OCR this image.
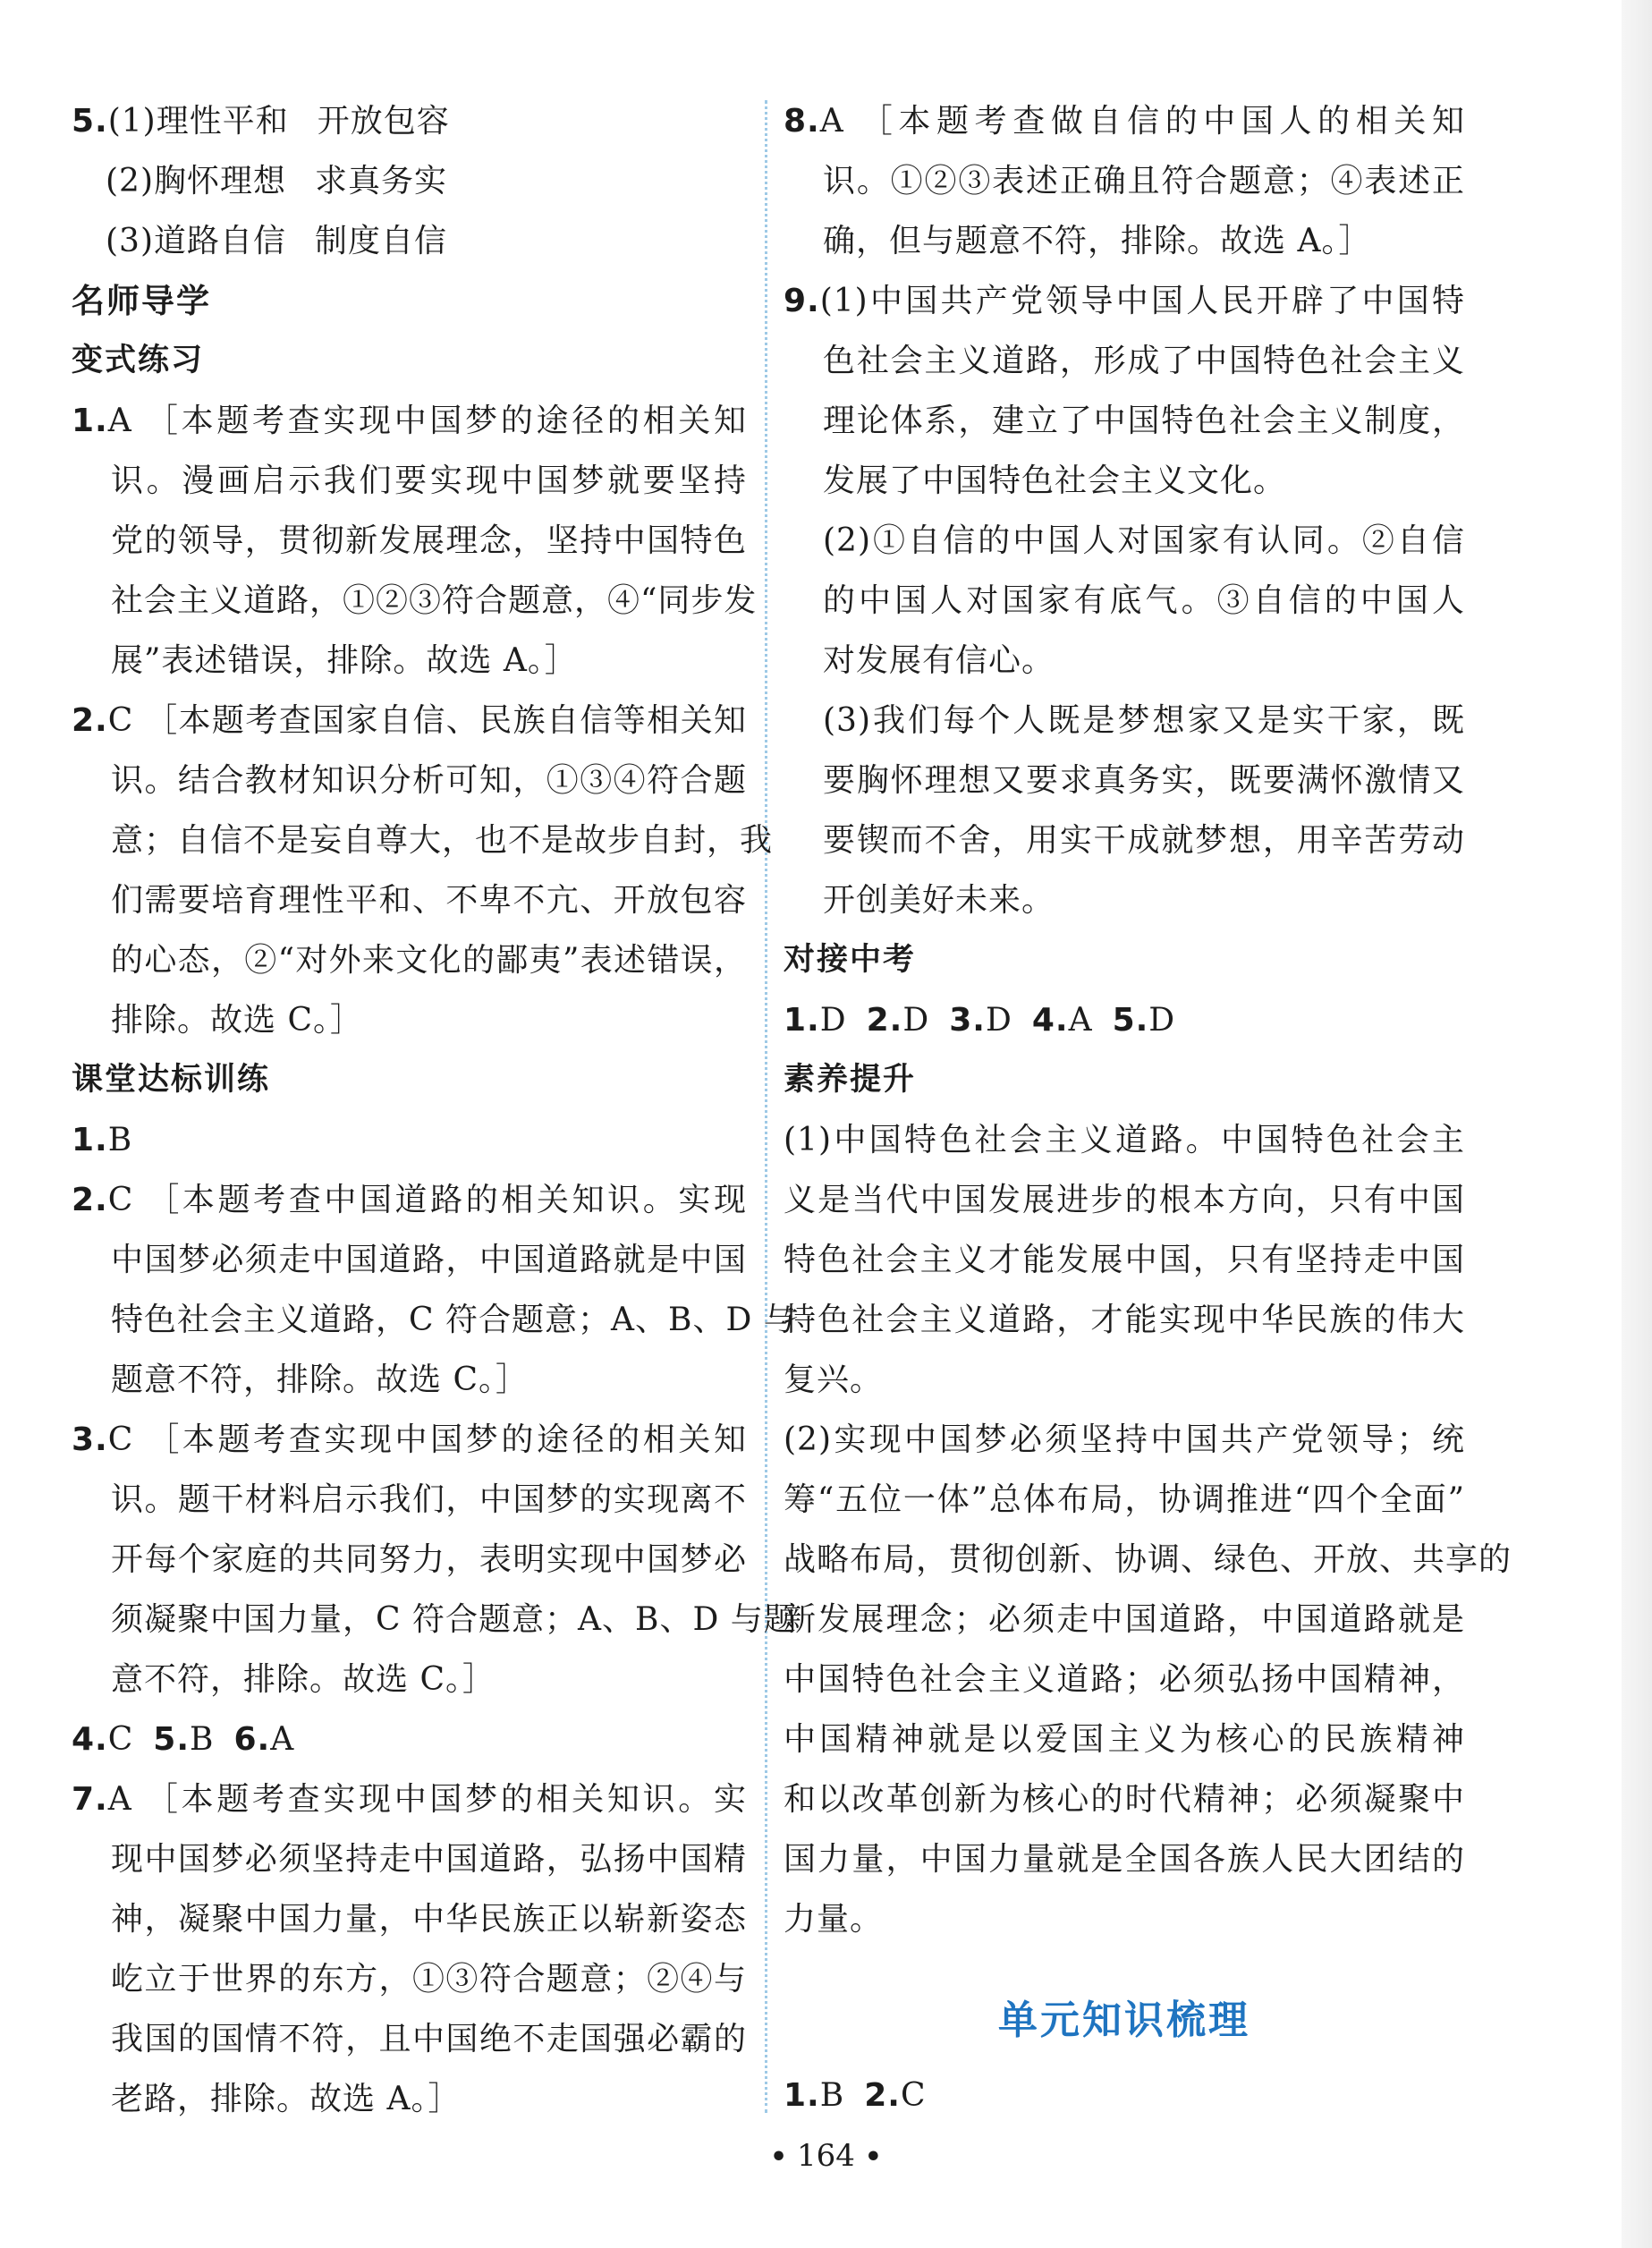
5.(1)理性平和 开放包容
(2)胸怀理想 求真务实
(3)道路自信 制度自信
名师导学
变式练习
1.A ［本题考查实现中国梦的途径的相关知
识。漫画启示我们要实现中国梦就要坚持
党的领导，贯彻新发展理念，坚持中国特色
社会主义道路，①②③符合题意，④“同步发
展”表述错误，排除。故选 A。］
2.C ［本题考查国家自信、民族自信等相关知
识。结合教材知识分析可知，①③④符合题
意；自信不是妄自尊大，也不是故步自封，我
们需要培育理性平和、不卑不亢、开放包容
的心态，②“对外来文化的鄙夷”表述错误，
排除。故选 C。］
课堂达标训练
1.B
2.C ［本题考查中国道路的相关知识。实现
中国梦必须走中国道路，中国道路就是中国
特色社会主义道路，C 符合题意；A、B、D 与
题意不符，排除。故选 C。］
3.C ［本题考查实现中国梦的途径的相关知
识。题干材料启示我们，中国梦的实现离不
开每个家庭的共同努力，表明实现中国梦必
须凝聚中国力量，C 符合题意；A、B、D 与题
意不符，排除。故选 C。］
4.C 5.B 6.A
7.A ［本题考查实现中国梦的相关知识。实
现中国梦必须坚持走中国道路，弘扬中国精
神，凝聚中国力量，中华民族正以崭新姿态
屹立于世界的东方，①③符合题意；②④与
我国的国情不符，且中国绝不走国强必霸的
老路，排除。故选 A。］
8.A ［本题考查做自信的中国人的相关知
识。①②③表述正确且符合题意；④表述正
确，但与题意不符，排除。故选 A。］
9.(1)中国共产党领导中国人民开辟了中国特
色社会主义道路，形成了中国特色社会主义
理论体系，建立了中国特色社会主义制度，
发展了中国特色社会主义文化。
(2)①自信的中国人对国家有认同。②自信
的中国人对国家有底气。③自信的中国人
对发展有信心。
(3)我们每个人既是梦想家又是实干家，既
要胸怀理想又要求真务实，既要满怀激情又
要锲而不舍，用实干成就梦想，用辛苦劳动
开创美好未来。
对接中考
1.D 2.D 3.D 4.A 5.D
素养提升
(1)中国特色社会主义道路。中国特色社会主
义是当代中国发展进步的根本方向，只有中国
特色社会主义才能发展中国，只有坚持走中国
特色社会主义道路，才能实现中华民族的伟大
复兴。
(2)实现中国梦必须坚持中国共产党领导；统
筹“五位一体”总体布局，协调推进“四个全面”
战略布局，贯彻创新、协调、绿色、开放、共享的
新发展理念；必须走中国道路，中国道路就是
中国特色社会主义道路；必须弘扬中国精神，
中国精神就是以爱国主义为核心的民族精神
和以改革创新为核心的时代精神；必须凝聚中
国力量，中国力量就是全国各族人民大团结的
力量。
单元知识梳理
1.B 2.C
• 164 •
